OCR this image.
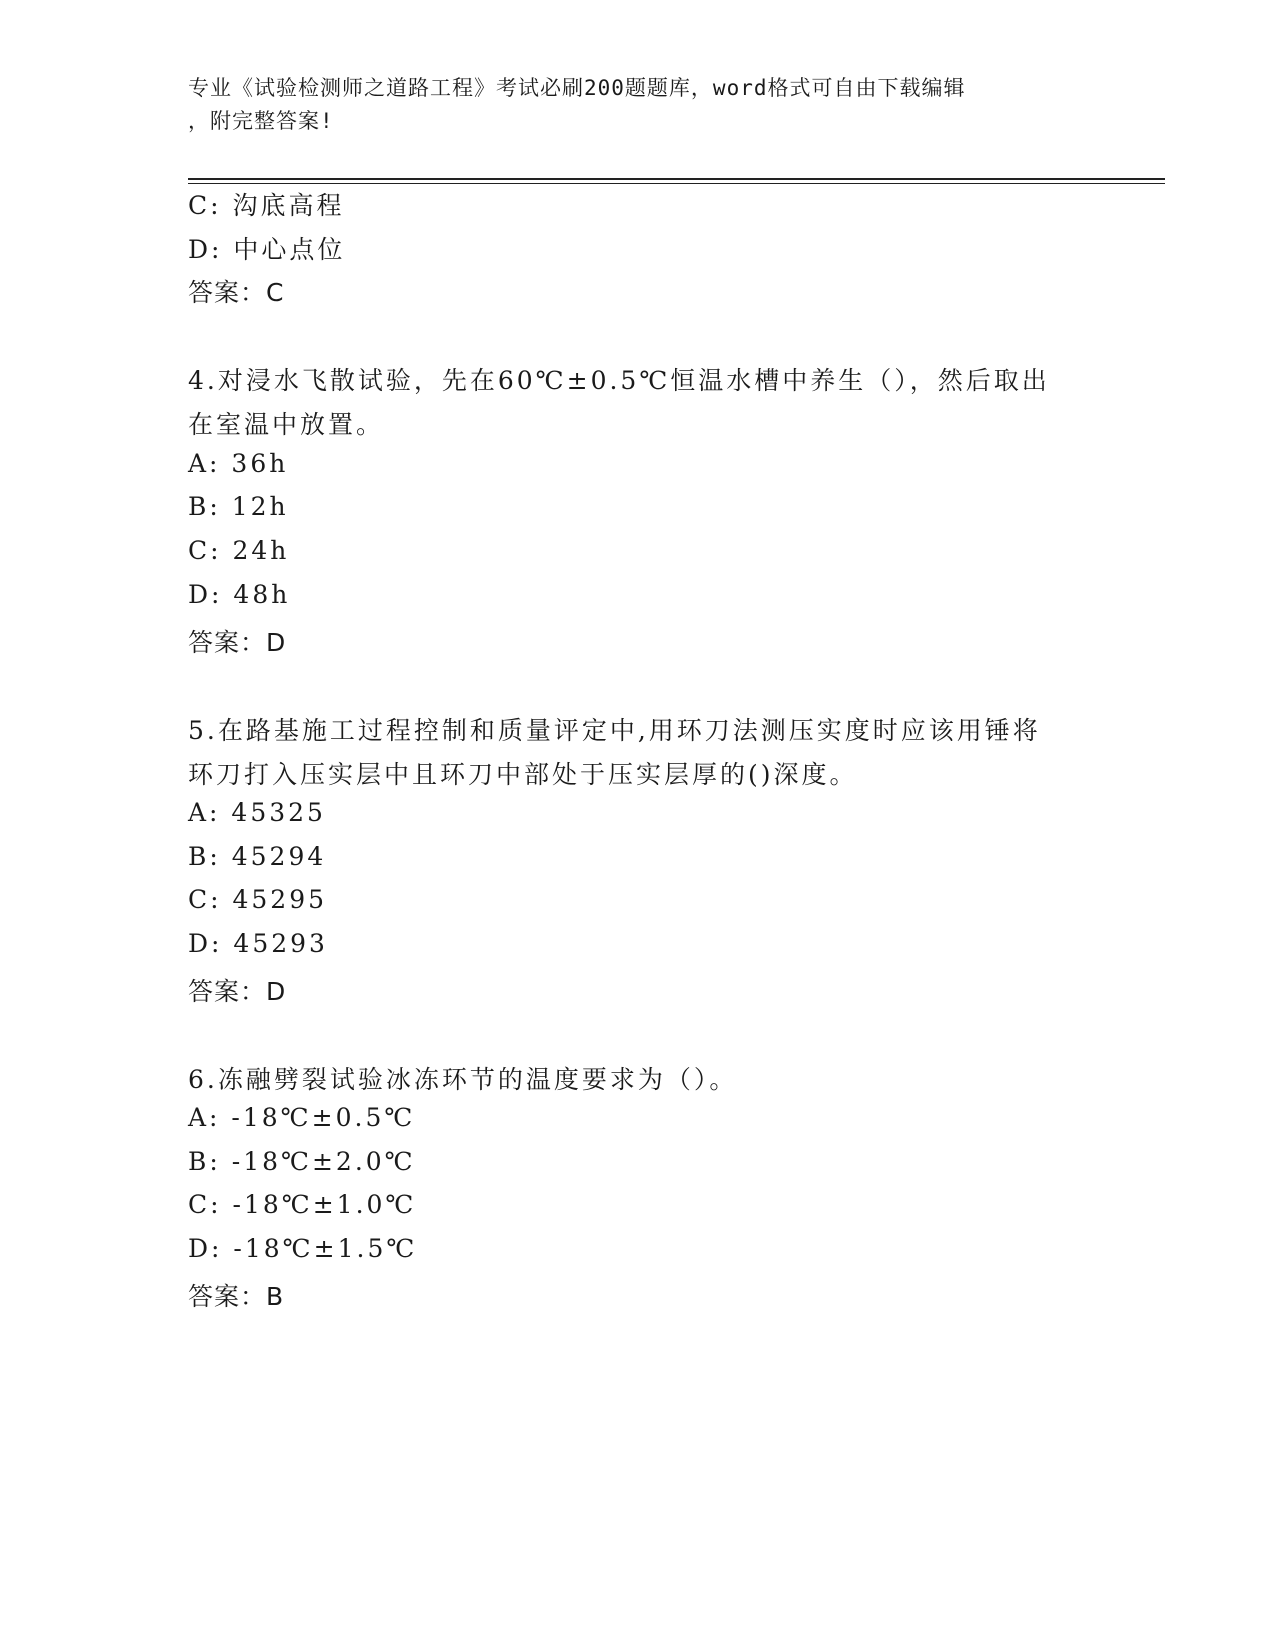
专业《试验检测师之道路工程》考试必刷200题题库，word格式可自由下载编辑
，附完整答案!
C: 沟底高程
D: 中心点位
答案：C
4.对浸水飞散试验，先在60℃±0.5℃恒温水槽中养生（），然后取出
在室温中放置。
A: 36h
B: 12h
C: 24h
D: 48h
答案：D
5.在路基施工过程控制和质量评定中,用环刀法测压实度时应该用锤将
环刀打入压实层中且环刀中部处于压实层厚的()深度。
A: 45325
B: 45294
C: 45295
D: 45293
答案：D
6.冻融劈裂试验冰冻环节的温度要求为（）。
A: -18℃±0.5℃
B: -18℃±2.0℃
C: -18℃±1.0℃
D: -18℃±1.5℃
答案：B
